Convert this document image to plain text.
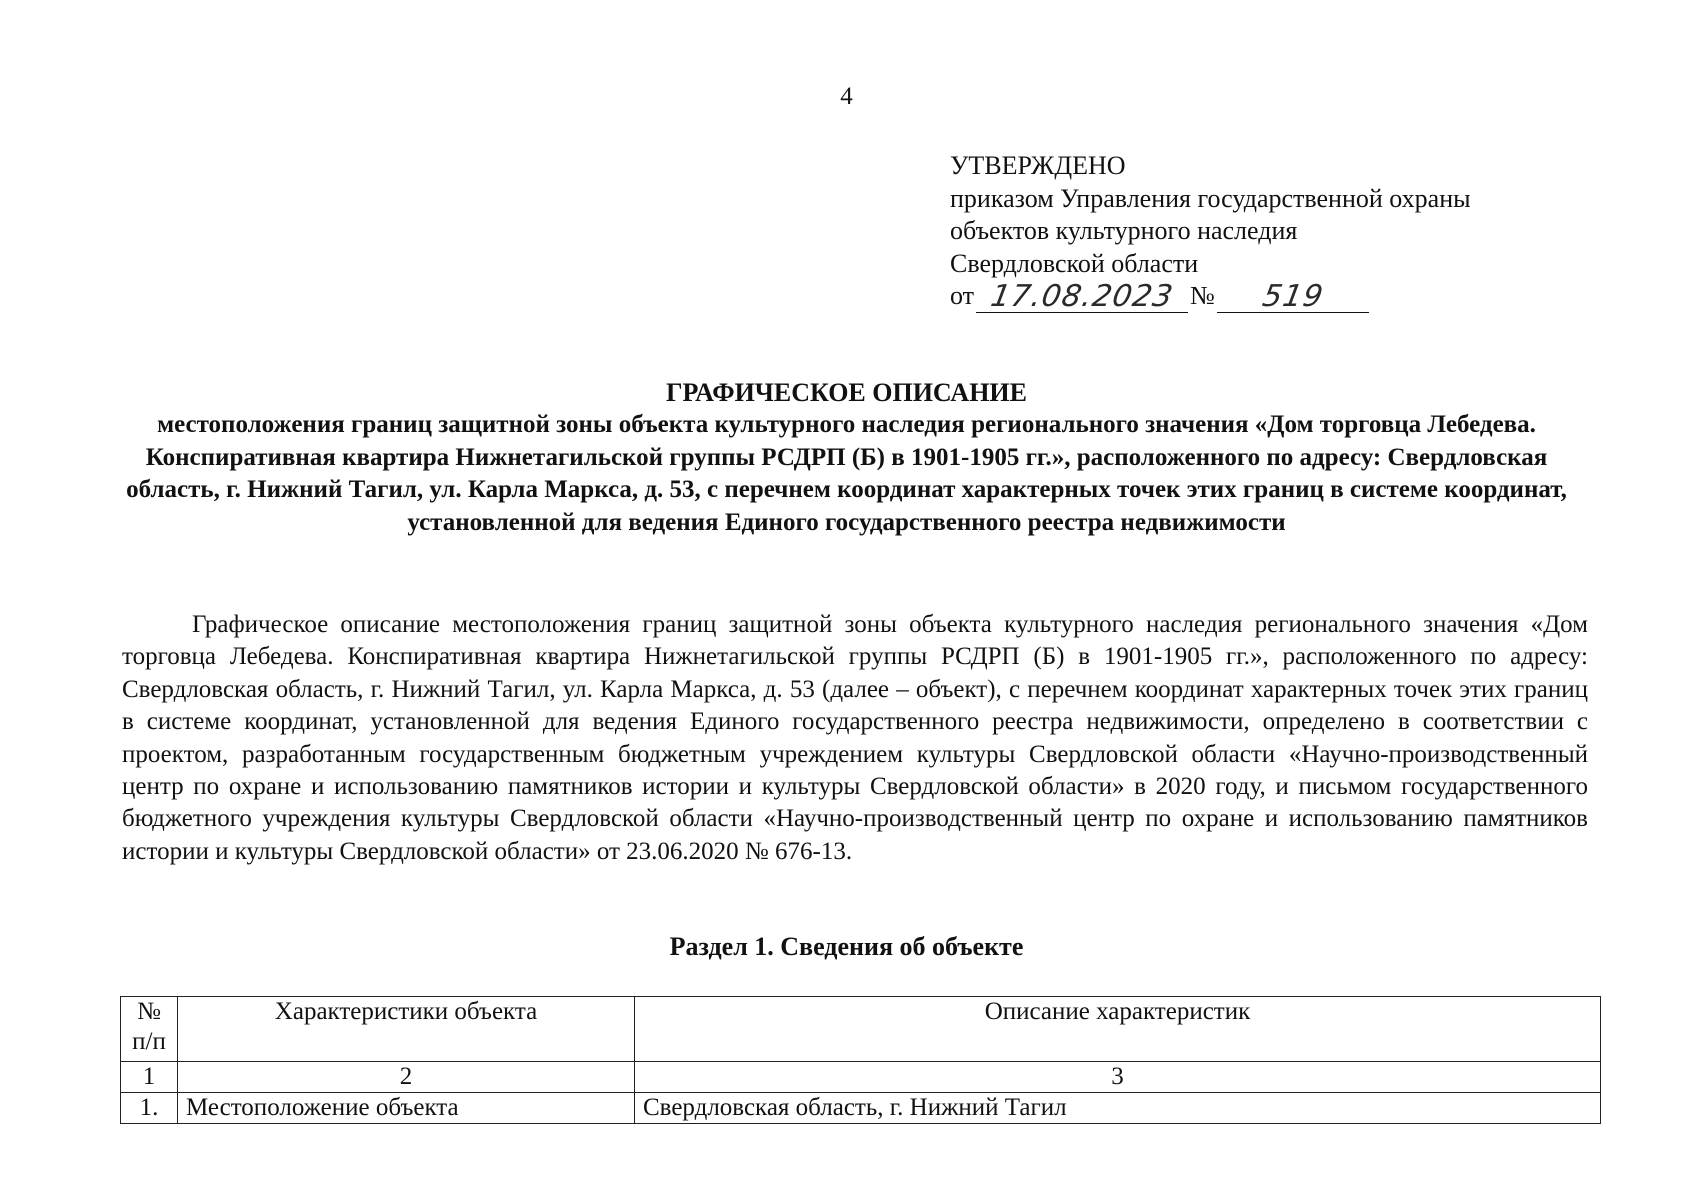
4
УТВЕРЖДЕНО
приказом Управления государственной охраны
объектов культурного наследия
Свердловской области
от 17.08.2023 №	519
ГРАФИЧЕСКОЕ ОПИСАНИЕ
местоположения границ защитной зоны объекта культурного наследия регионального значения «Дом торговца Лебедева. Конспиративная квартира Нижнетагильской группы РСДРП (Б) в 1901-1905 гг.», расположенного по адресу: Свердловская область, г. Нижний Тагил, ул. Карла Маркса, д. 53, с перечнем координат характерных точек этих границ в системе координат, установленной для ведения Единого государственного реестра недвижимости
Графическое описание местоположения границ защитной зоны объекта культурного наследия регионального значения «Дом торговца Лебедева. Конспиративная квартира Нижнетагильской группы РСДРП (Б) в 1901-1905 гг.», расположенного по адресу: Свердловская область, г. Нижний Тагил, ул. Карла Маркса, д. 53 (далее – объект), с перечнем координат характерных точек этих границ в системе координат, установленной для ведения Единого государственного реестра недвижимости, определено в соответствии с проектом, разработанным государственным бюджетным учреждением культуры Свердловской области «Научно-производственный центр по охране и использованию памятников истории и культуры Свердловской области» в 2020 году, и письмом государственного бюджетного учреждения культуры Свердловской области «Научно-производственный центр по охране и использованию памятников истории и культуры Свердловской области» от 23.06.2020 № 676-13.
Раздел 1. Сведения об объекте
№ п/п	Характеристики объекта	Описание характеристик
1	2	3
1.	Местоположение объекта	Свердловская область, г. Нижний Тагил
